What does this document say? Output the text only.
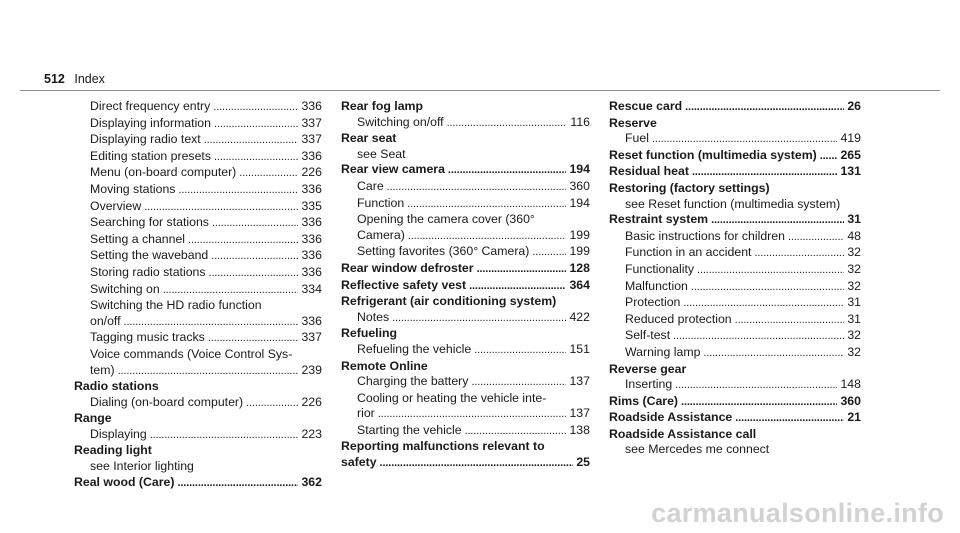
512 Index
Direct frequency entry . . .	336
Displaying information . . .	337
Displaying radio text . . .	337
Editing station presets . . .	336
Menu (on-board computer) . . .	226
Moving stations . . .	336
Overview . . .	335
Searching for stations . . .	336
Setting a channel . . .	336
Setting the waveband . . .	336
Storing radio stations . . .	336
Switching on . . .	334
Switching the HD radio function
on/off . . .	336
Tagging music tracks . . .	337
Voice commands (Voice Control Sys-
tem) . . .	239
Radio stations
Dialing (on-board computer) . . .	226
Range
Displaying . . .	223
Reading light
see Interior lighting
Real wood (Care) . . .	362
Rear fog lamp
Switching on/off . . .	116
Rear seat
see Seat
Rear view camera . . .	194
Care . . .	360
Function . . .	194
Opening the camera cover (360°
Camera) . . .	199
Setting favorites (360° Camera) . . .	199
Rear window defroster . . .	128
Reflective safety vest . . .	364
Refrigerant (air conditioning system)
Notes . . .	422
Refueling
Refueling the vehicle . . .	151
Remote Online
Charging the battery . . .	137
Cooling or heating the vehicle inte-
rior . . .	137
Starting the vehicle . . .	138
Reporting malfunctions relevant to
safety . . .	25
Rescue card . . .	26
Reserve
Fuel . . .	419
Reset function (multimedia system) . . . 265
Residual heat . . .	131
Restoring (factory settings)
see Reset function (multimedia system)
Restraint system . . .	31
Basic instructions for children . . .	48
Function in an accident . . .	32
Functionality . . .	32
Malfunction . . .	32
Protection . . .	31
Reduced protection . . .	31
Self-test . . .	32
Warning lamp . . .	32
Reverse gear
Inserting . . .	148
Rims (Care) . . .	360
Roadside Assistance . . .	21
Roadside Assistance call
see Mercedes me connect
carmanualsonline.info
